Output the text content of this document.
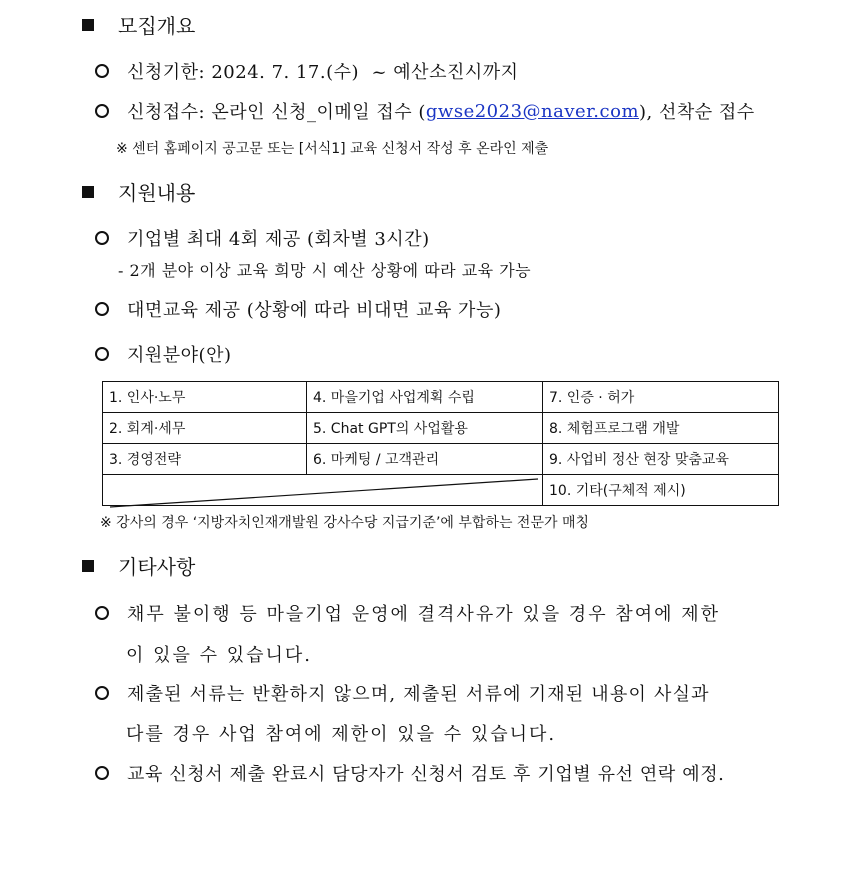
모집개요
신청기한: 2024. 7. 17.(수)  ~ 예산소진시까지
신청접수: 온라인 신청_이메일 접수 ( gwse2023@naver.com ), 선착순 접수
※ 센터 홈페이지 공고문 또는 [서식1] 교육 신청서 작성 후 온라인 제출
지원내용
기업별 최대 4회 제공 (회차별 3시간)
- 2개 분야 이상 교육 희망 시 예산 상황에 따라 교육 가능
대면교육 제공 (상황에 따라 비대면 교육 가능)
지원분야(안)
1. 인사·노무	4. 마을기업 사업계획 수립	7. 인증 · 허가
2. 회계·세무	5. Chat GPT의 사업활용	8. 체험프로그램 개발
3. 경영전략	6. 마케팅 / 고객관리	9. 사업비 정산 현장 맞춤교육
		10. 기타(구체적 제시)
※ 강사의 경우 ‘지방자치인재개발원 강사수당 지급기준’에 부합하는 전문가 매칭
기타사항
채무 불이행 등 마을기업 운영에 결격사유가 있을 경우 참여에 제한
이 있을 수 있습니다.
제출된 서류는 반환하지 않으며, 제출된 서류에 기재된 내용이 사실과
다를 경우 사업 참여에 제한이 있을 수 있습니다.
교육 신청서 제출 완료시 담당자가 신청서 검토 후 기업별 유선 연락 예정.
